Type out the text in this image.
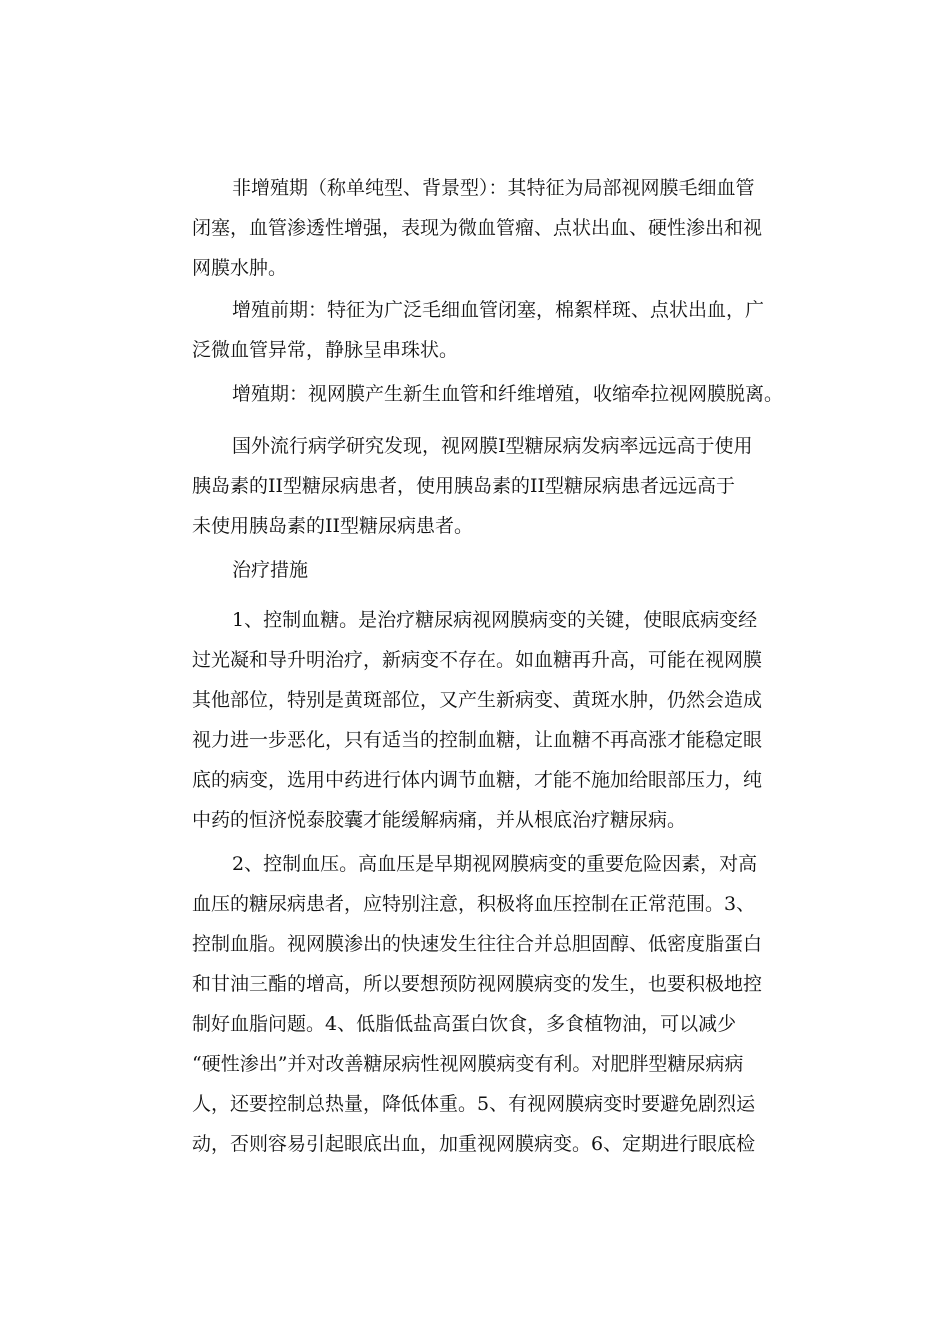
非增殖期（称单纯型、背景型）：其特征为局部视网膜毛细血管
闭塞，血管渗透性增强，表现为微血管瘤、点状出血、硬性渗出和视
网膜水肿。
增殖前期：特征为广泛毛细血管闭塞，棉絮样斑、点状出血，广
泛微血管异常，静脉呈串珠状。
增殖期：视网膜产生新生血管和纤维增殖，收缩牵拉视网膜脱离。
国外流行病学研究发现，视网膜I型糖尿病发病率远远高于使用
胰岛素的II型糖尿病患者，使用胰岛素的II型糖尿病患者远远高于
未使用胰岛素的II型糖尿病患者。
治疗措施
1、控制血糖。是治疗糖尿病视网膜病变的关键，使眼底病变经
过光凝和导升明治疗，新病变不存在。如血糖再升高，可能在视网膜
其他部位，特别是黄斑部位，又产生新病变、黄斑水肿，仍然会造成
视力进一步恶化，只有适当的控制血糖，让血糖不再高涨才能稳定眼
底的病变，选用中药进行体内调节血糖，才能不施加给眼部压力，纯
中药的恒济悦泰胶囊才能缓解病痛，并从根底治疗糖尿病。
2、控制血压。高血压是早期视网膜病变的重要危险因素，对高
血压的糖尿病患者，应特别注意，积极将血压控制在正常范围。3、
控制血脂。视网膜渗出的快速发生往往合并总胆固醇、低密度脂蛋白
和甘油三酯的增高，所以要想预防视网膜病变的发生，也要积极地控
制好血脂问题。4、低脂低盐高蛋白饮食，多食植物油，可以减少
“硬性渗出”并对改善糖尿病性视网膜病变有利。对肥胖型糖尿病病
人，还要控制总热量，降低体重。5、有视网膜病变时要避免剧烈运
动，否则容易引起眼底出血，加重视网膜病变。6、定期进行眼底检
